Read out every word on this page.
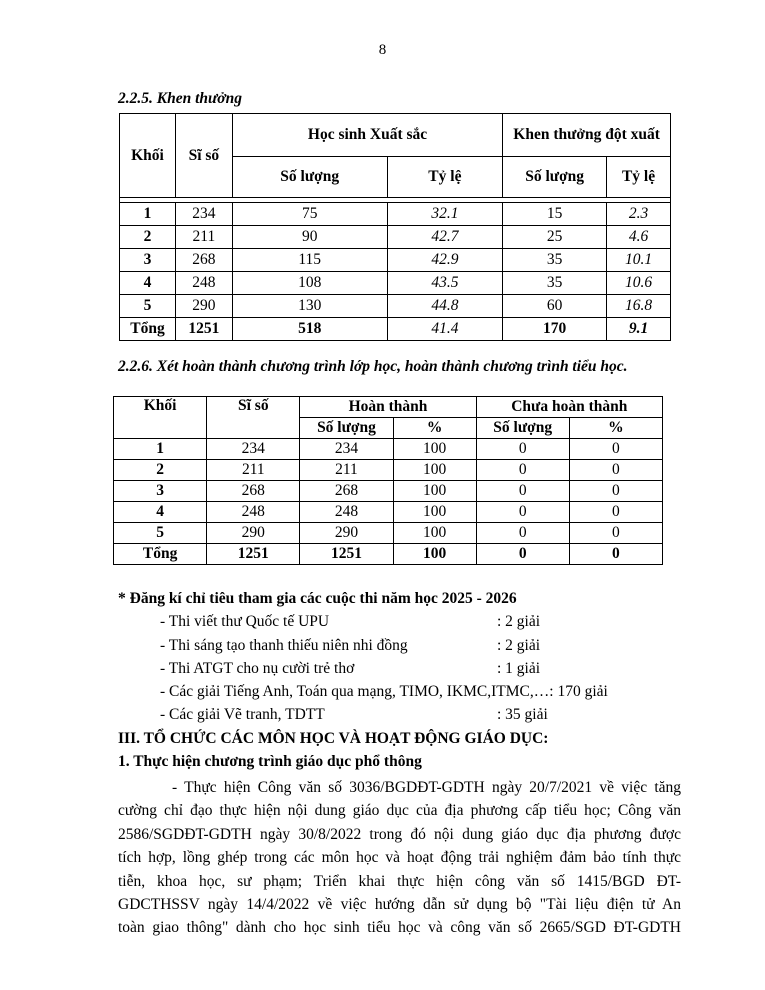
8
2.2.5. Khen thưởng
Khối	Sĩ số	Học sinh Xuất sắc		Khen thưởng đột xuất	
		Số lượng	Tỷ lệ	Số lượng	Tỷ lệ

1	234	75	32.1	15	2.3
2	211	90	42.7	25	4.6
3	268	115	42.9	35	10.1
4	248	108	43.5	35	10.6
5	290	130	44.8	60	16.8
Tổng	1251	518	41.4	170	9.1
2.2.6. Xét hoàn thành chương trình lớp học, hoàn thành chương trình tiểu học.
Khối	Sĩ số	Hoàn thành		Chưa hoàn thành	
		Số lượng	%	Số lượng	%
1	234	234	100	0	0
2	211	211	100	0	0
3	268	268	100	0	0
4	248	248	100	0	0
5	290	290	100	0	0
Tổng	1251	1251	100	0	0
* Đăng kí chỉ tiêu tham gia các cuộc thi năm học 2025 - 2026
- Thi viết thư Quốc tế UPU	: 2 giải
- Thi sáng tạo thanh thiếu niên nhi đồng	: 2 giải
- Thi ATGT cho nụ cười trẻ thơ	: 1 giải
- Các giải Tiếng Anh, Toán qua mạng, TIMO, IKMC,ITMC,…: 170 giải
- Các giải Vẽ tranh, TDTT	: 35 giải
III. TỔ CHỨC CÁC MÔN HỌC VÀ HOẠT ĐỘNG GIÁO DỤC:
1. Thực hiện chương trình giáo dục phổ thông
- Thực hiện Công văn số 3036/BGDĐT-GDTH ngày 20/7/2021 về việc tăng
cường chỉ đạo thực hiện nội dung giáo dục của địa phương cấp tiểu học; Công văn
2586/SGDĐT-GDTH ngày 30/8/2022 trong đó nội dung giáo dục địa phương được
tích hợp, lồng ghép trong các môn học và hoạt động trải nghiệm đảm bảo tính thực
tiễn, khoa học, sư phạm; Triển khai thực hiện công văn số 1415/BGD ĐT-
GDCTHSSV ngày 14/4/2022 về việc hướng dẫn sử dụng bộ "Tài liệu điện tử An
toàn giao thông" dành cho học sinh tiểu học và công văn số 2665/SGD ĐT-GDTH
